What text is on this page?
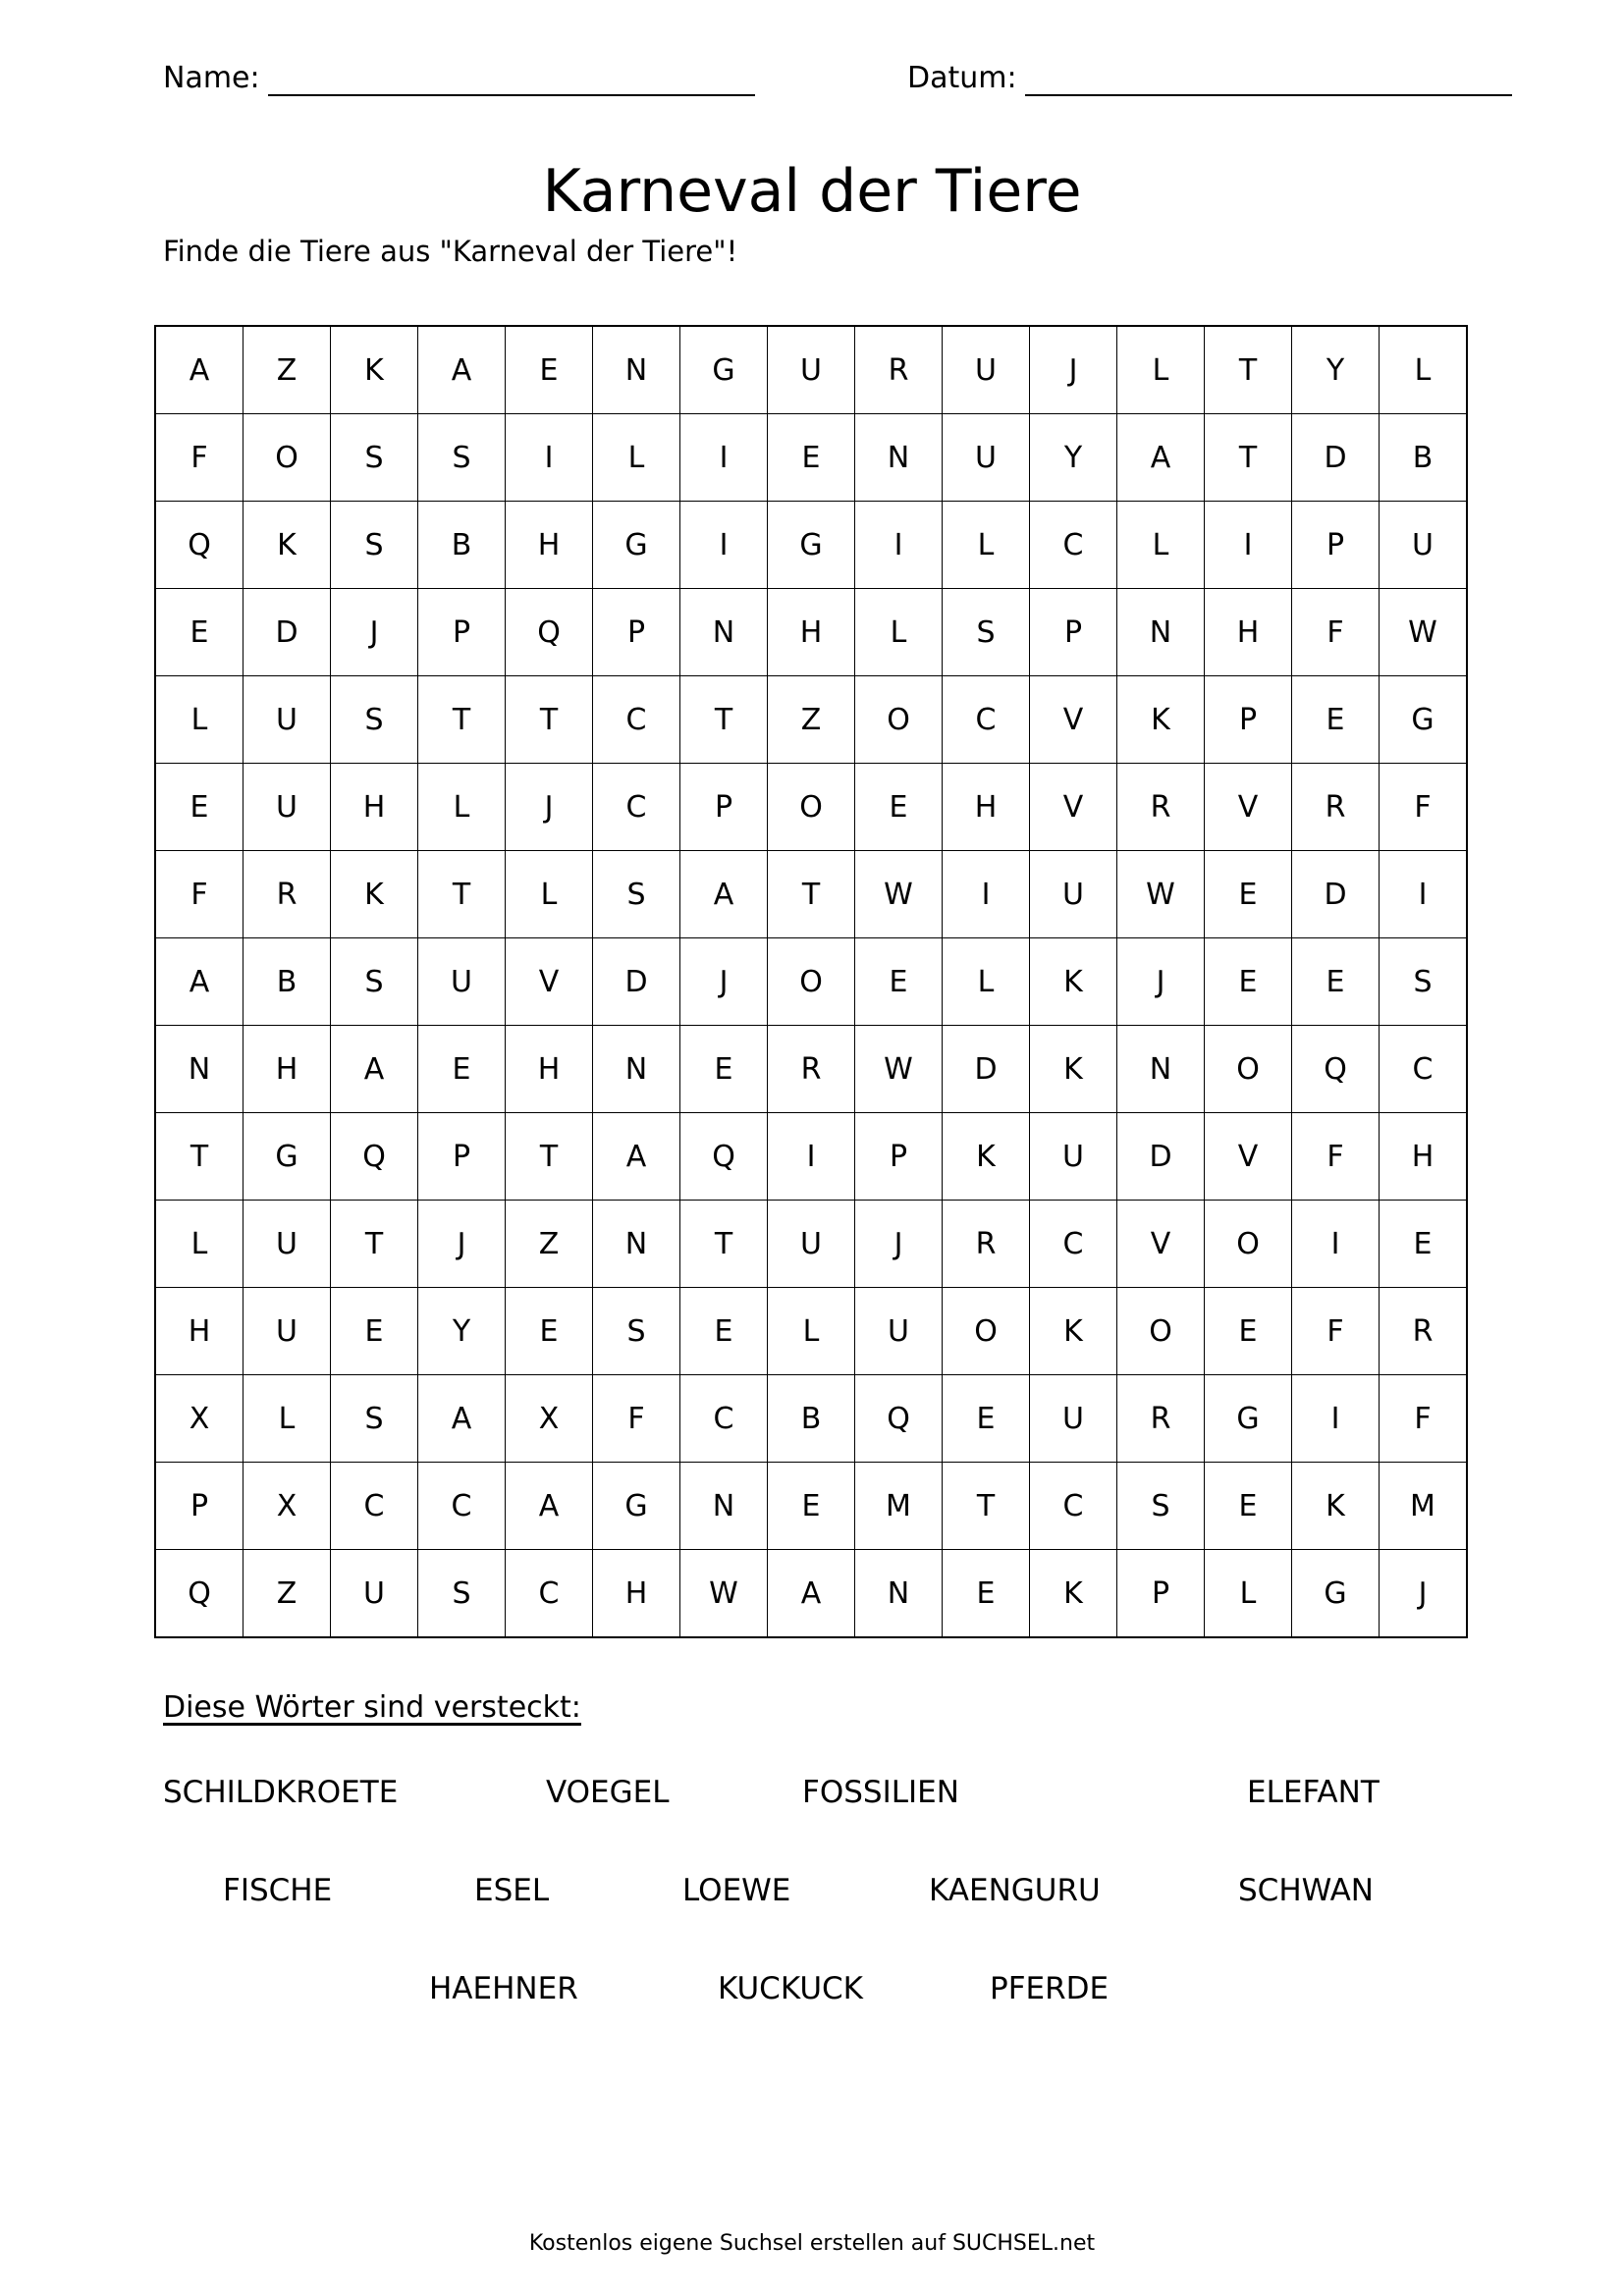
Name:	Datum:
Karneval der Tiere
Finde die Tiere aus "Karneval der Tiere"!
A	Z	K	A	E	N	G	U	R	U	J	L	T	Y	L
F	O	S	S	I	L	I	E	N	U	Y	A	T	D	B
Q	K	S	B	H	G	I	G	I	L	C	L	I	P	U
E	D	J	P	Q	P	N	H	L	S	P	N	H	F	W
L	U	S	T	T	C	T	Z	O	C	V	K	P	E	G
E	U	H	L	J	C	P	O	E	H	V	R	V	R	F
F	R	K	T	L	S	A	T	W	I	U	W	E	D	I
A	B	S	U	V	D	J	O	E	L	K	J	E	E	S
N	H	A	E	H	N	E	R	W	D	K	N	O	Q	C
T	G	Q	P	T	A	Q	I	P	K	U	D	V	F	H
L	U	T	J	Z	N	T	U	J	R	C	V	O	I	E
H	U	E	Y	E	S	E	L	U	O	K	O	E	F	R
X	L	S	A	X	F	C	B	Q	E	U	R	G	I	F
P	X	C	C	A	G	N	E	M	T	C	S	E	K	M
Q	Z	U	S	C	H	W	A	N	E	K	P	L	G	J
Diese Wörter sind versteckt:
SCHILDKROETE	VOEGEL	FOSSILIEN	ELEFANT
FISCHE	ESEL	LOEWE	KAENGURU	SCHWAN
HAEHNER	KUCKUCK	PFERDE
Kostenlos eigene Suchsel erstellen auf SUCHSEL.net
